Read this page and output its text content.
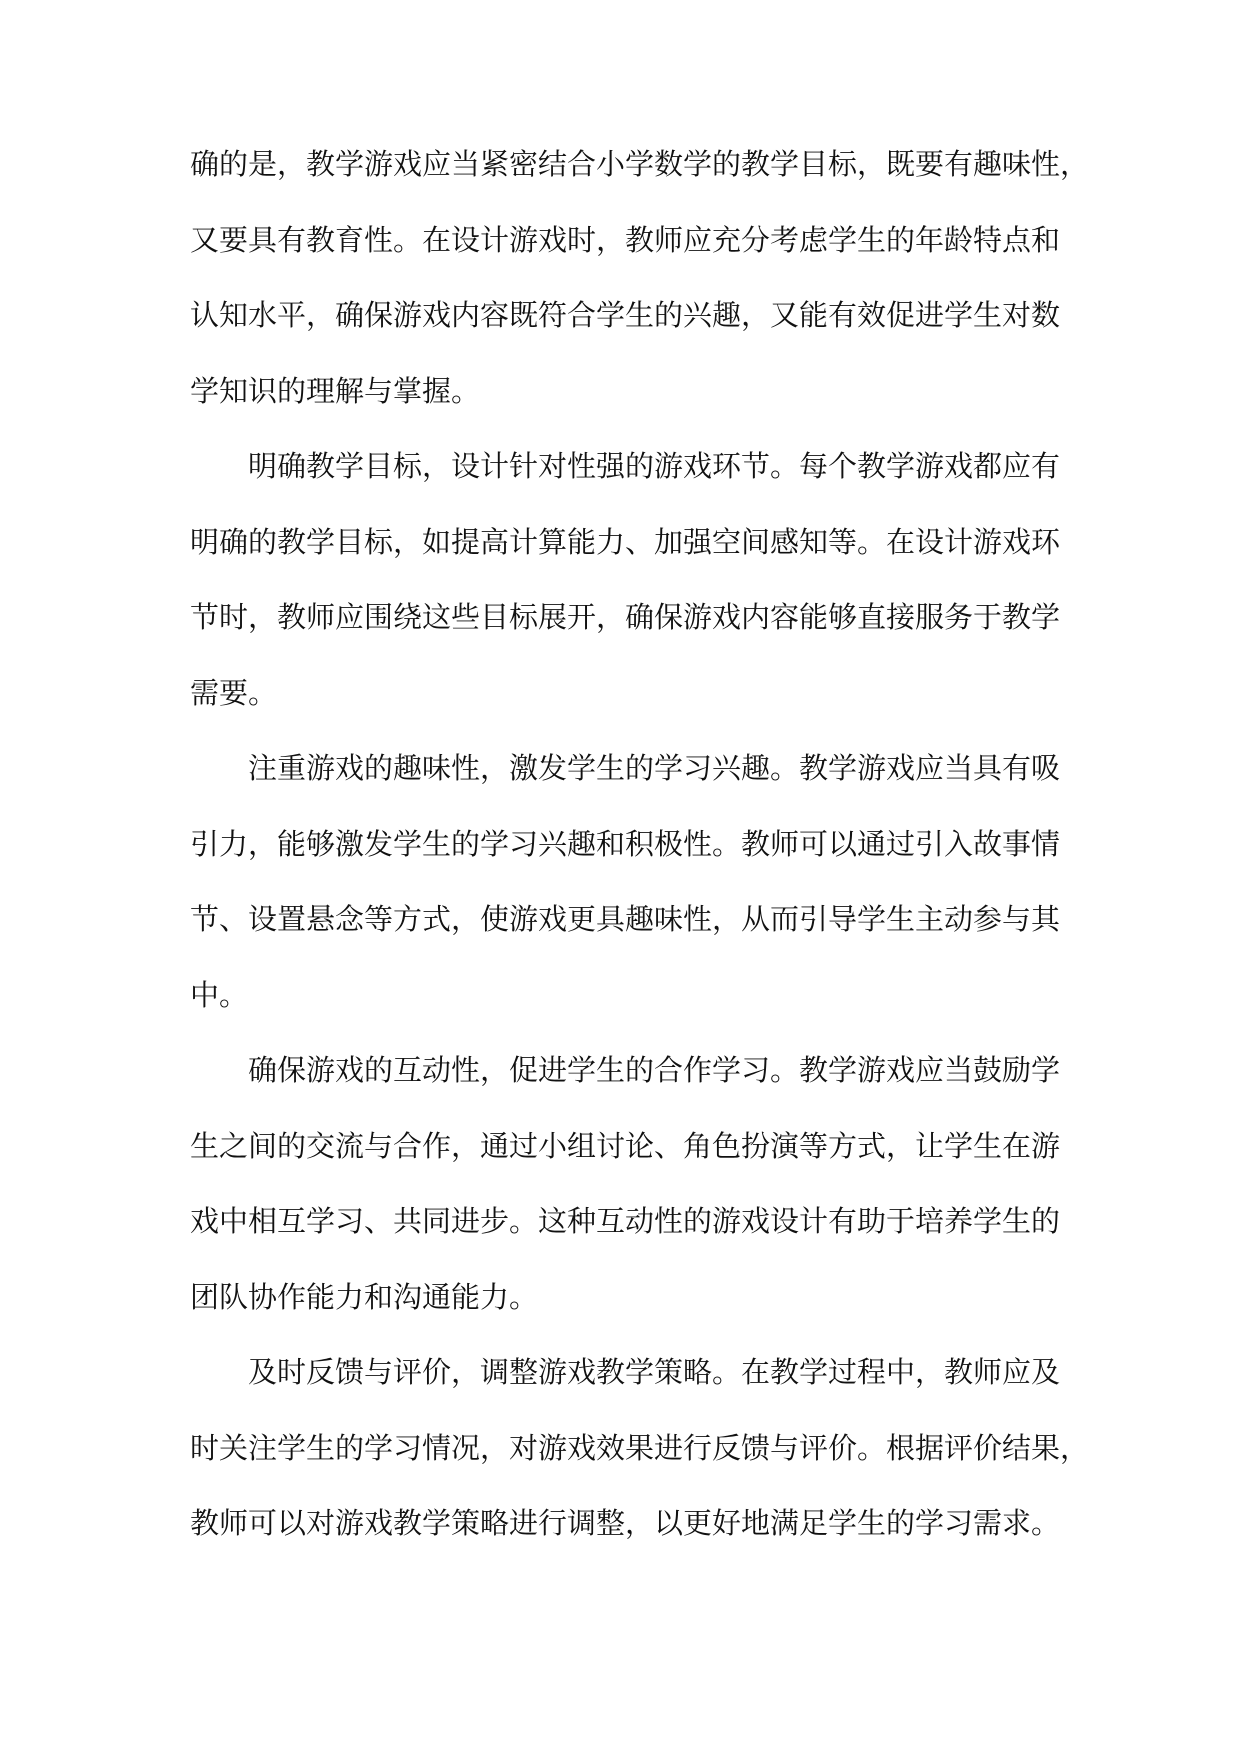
确的是，教学游戏应当紧密结合小学数学的教学目标，既要有趣味性，
又要具有教育性。在设计游戏时，教师应充分考虑学生的年龄特点和
认知水平，确保游戏内容既符合学生的兴趣，又能有效促进学生对数
学知识的理解与掌握。
明确教学目标，设计针对性强的游戏环节。每个教学游戏都应有
明确的教学目标，如提高计算能力、加强空间感知等。在设计游戏环
节时，教师应围绕这些目标展开，确保游戏内容能够直接服务于教学
需要。
注重游戏的趣味性，激发学生的学习兴趣。教学游戏应当具有吸
引力，能够激发学生的学习兴趣和积极性。教师可以通过引入故事情
节、设置悬念等方式，使游戏更具趣味性，从而引导学生主动参与其
中。
确保游戏的互动性，促进学生的合作学习。教学游戏应当鼓励学
生之间的交流与合作，通过小组讨论、角色扮演等方式，让学生在游
戏中相互学习、共同进步。这种互动性的游戏设计有助于培养学生的
团队协作能力和沟通能力。
及时反馈与评价，调整游戏教学策略。在教学过程中，教师应及
时关注学生的学习情况，对游戏效果进行反馈与评价。根据评价结果，
教师可以对游戏教学策略进行调整，以更好地满足学生的学习需求。
